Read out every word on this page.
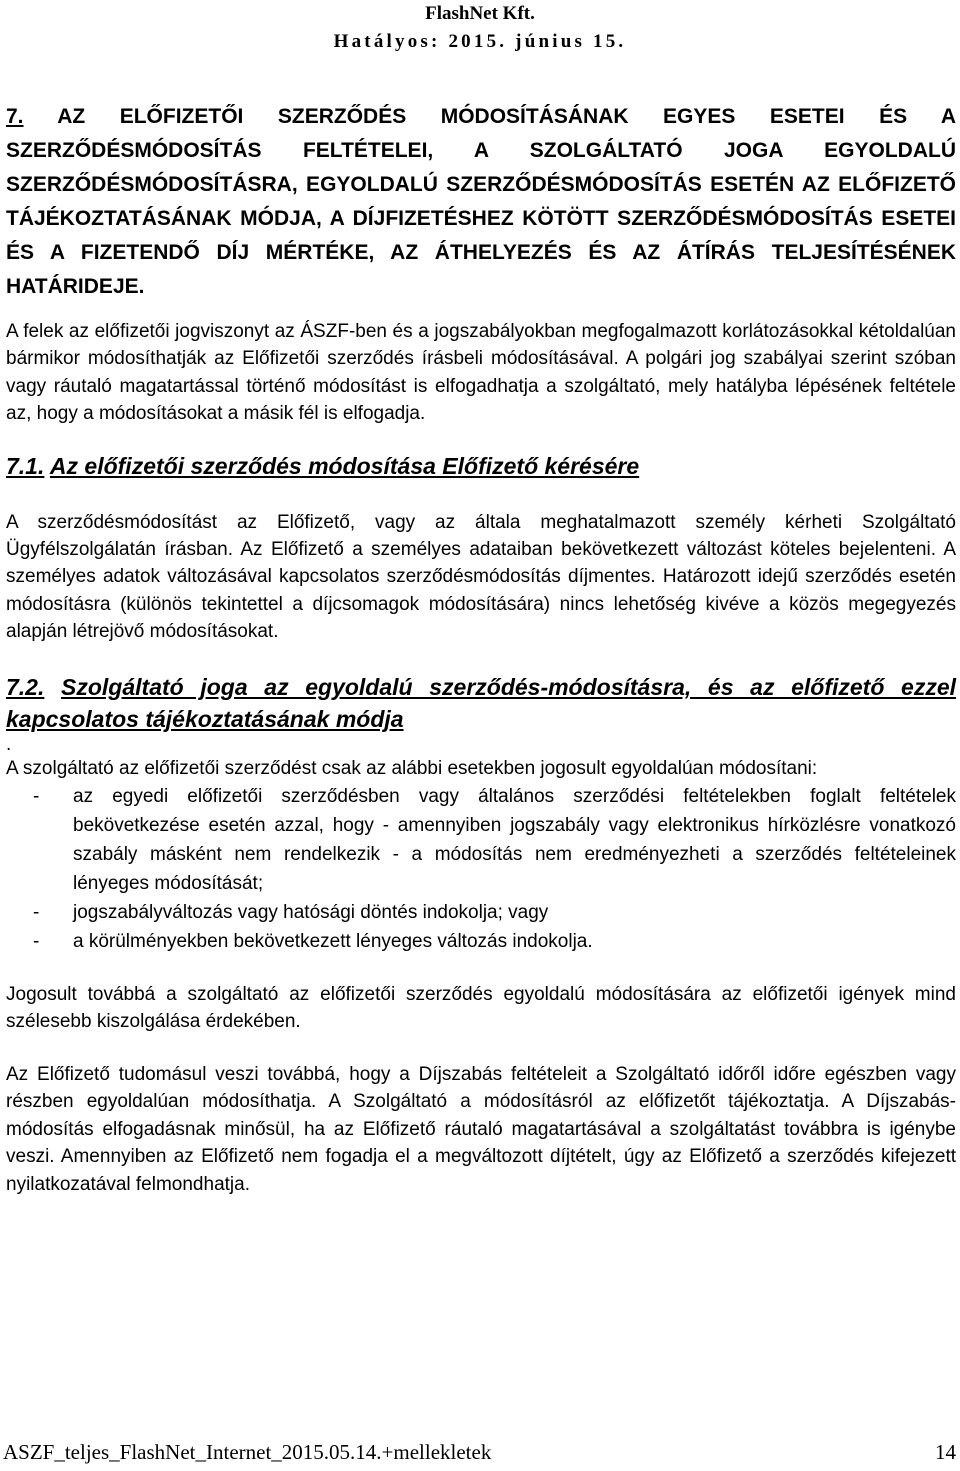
FlashNet Kft.
Hatályos: 2015. június 15.
7. AZ ELŐFIZETŐI SZERZŐDÉS MÓDOSÍTÁSÁNAK EGYES ESETEI ÉS A SZERZŐDÉSMÓDOSÍTÁS FELTÉTELEI, A SZOLGÁLTATÓ JOGA EGYOLDALÚ SZERZŐDÉSMÓDOSÍTÁSRA, EGYOLDALÚ SZERZŐDÉSMÓDOSÍTÁS ESETÉN AZ ELŐFIZETŐ TÁJÉKOZTATÁSÁNAK MÓDJA, A DÍJFIZETÉSHEZ KÖTÖTT SZERZŐDÉSMÓDOSÍTÁS ESETEI ÉS A FIZETENDŐ DÍJ MÉRTÉKE, AZ ÁTHELYEZÉS ÉS AZ ÁTÍRÁS TELJESÍTÉSÉNEK HATÁRIDEJE.

A felek az előfizetői jogviszonyt az ÁSZF-ben és a jogszabályokban megfogalmazott korlátozásokkal kétoldalúan bármikor módosíthatják az Előfizetői szerződés írásbeli módosításával. A polgári jog szabályai szerint szóban vagy ráutaló magatartással történő módosítást is elfogadhatja a szolgáltató, mely hatályba lépésének feltétele az, hogy a módosításokat a másik fél is elfogadja.

7.1. Az előfizetői szerződés módosítása Előfizető kérésére

A szerződésmódosítást az Előfizető, vagy az általa meghatalmazott személy kérheti Szolgáltató Ügyfélszolgálatán írásban. Az Előfizető a személyes adataiban bekövetkezett változást köteles bejelenteni. A személyes adatok változásával kapcsolatos szerződésmódosítás díjmentes. Határozott idejű szerződés esetén módosításra (különös tekintettel a díjcsomagok módosítására) nincs lehetőség kivéve a közös megegyezés alapján létrejövő módosításokat.

7.2. Szolgáltató joga az egyoldalú szerződés-módosításra, és az előfizető ezzel kapcsolatos tájékoztatásának módja

.

A szolgáltató az előfizetői szerződést csak az alábbi esetekben jogosult egyoldalúan módosítani:

- az egyedi előfizetői szerződésben vagy általános szerződési feltételekben foglalt feltételek bekövetkezése esetén azzal, hogy - amennyiben jogszabály vagy elektronikus hírközlésre vonatkozó szabály másként nem rendelkezik - a módosítás nem eredményezheti a szerződés feltételeinek lényeges módosítását;
- jogszabályváltozás vagy hatósági döntés indokolja; vagy
- a körülményekben bekövetkezett lényeges változás indokolja.

Jogosult továbbá a szolgáltató az előfizetői szerződés egyoldalú módosítására az előfizetői igények mind szélesebb kiszolgálása érdekében.

Az Előfizető tudomásul veszi továbbá, hogy a Díjszabás feltételeit a Szolgáltató időről időre egészben vagy részben egyoldalúan módosíthatja. A Szolgáltató a módosításról az előfizetőt tájékoztatja. A Díjszabás-módosítás elfogadásnak minősül, ha az Előfizető ráutaló magatartásával a szolgáltatást továbbra is igénybe veszi. Amennyiben az Előfizető nem fogadja el a megváltozott díjtételt, úgy az Előfizető a szerződés kifejezett nyilatkozatával felmondhatja.

ASZF_teljes_FlashNet_Internet_2015.05.14.+mellekletek	14
